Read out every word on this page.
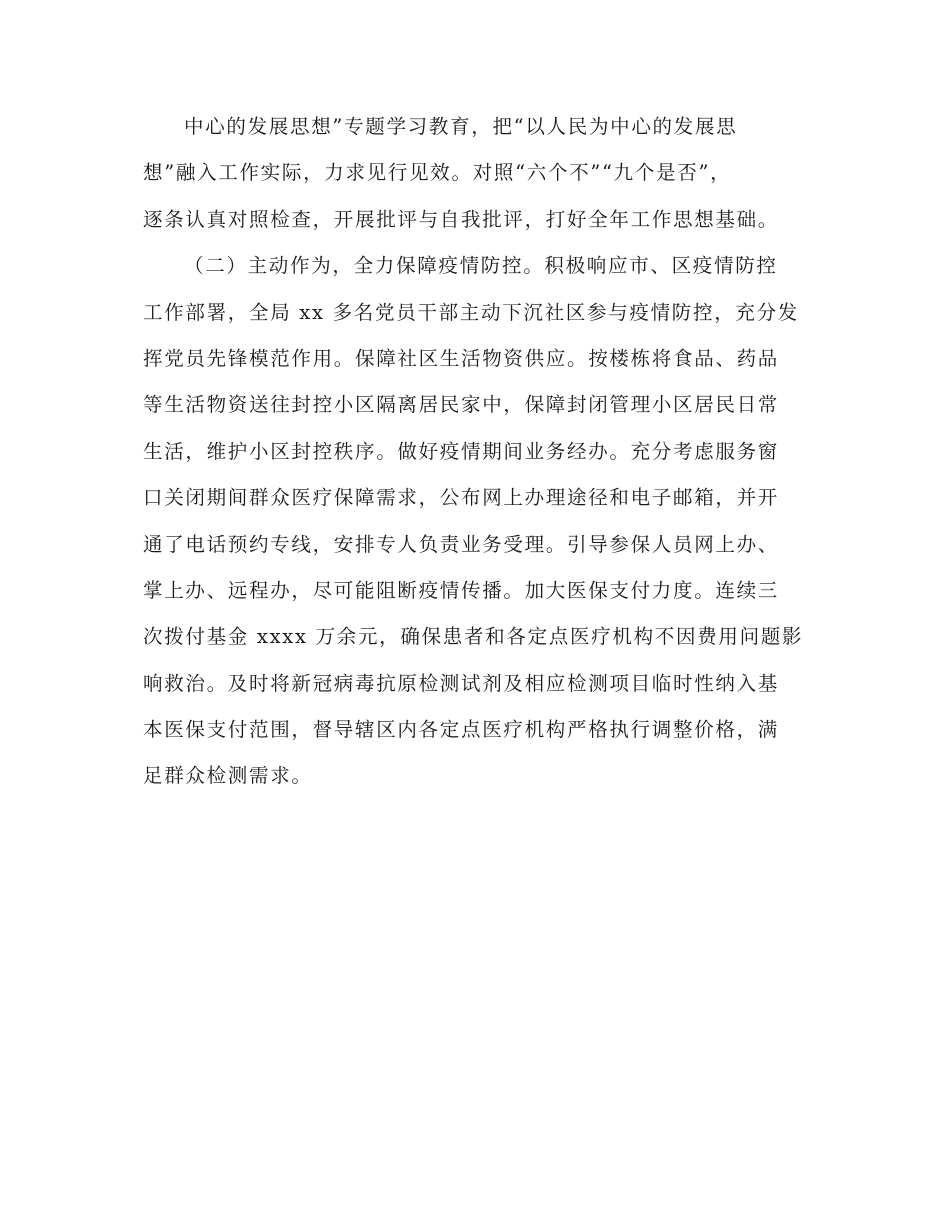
中心的发展思想”专题学习教育，把“以人民为中心的发展思
想”融入工作实际，力求见行见效。对照“六个不”“九个是否”，
逐条认真对照检查，开展批评与自我批评，打好全年工作思想基础。
（二）主动作为，全力保障疫情防控。积极响应市、区疫情防控
工作部署，全局 xx 多名党员干部主动下沉社区参与疫情防控，充分发
挥党员先锋模范作用。保障社区生活物资供应。按楼栋将食品、药品
等生活物资送往封控小区隔离居民家中，保障封闭管理小区居民日常
生活，维护小区封控秩序。做好疫情期间业务经办。充分考虑服务窗
口关闭期间群众医疗保障需求，公布网上办理途径和电子邮箱，并开
通了电话预约专线，安排专人负责业务受理。引导参保人员网上办、
掌上办、远程办，尽可能阻断疫情传播。加大医保支付力度。连续三
次拨付基金 xxxx 万余元，确保患者和各定点医疗机构不因费用问题影
响救治。及时将新冠病毒抗原检测试剂及相应检测项目临时性纳入基
本医保支付范围，督导辖区内各定点医疗机构严格执行调整价格，满
足群众检测需求。
